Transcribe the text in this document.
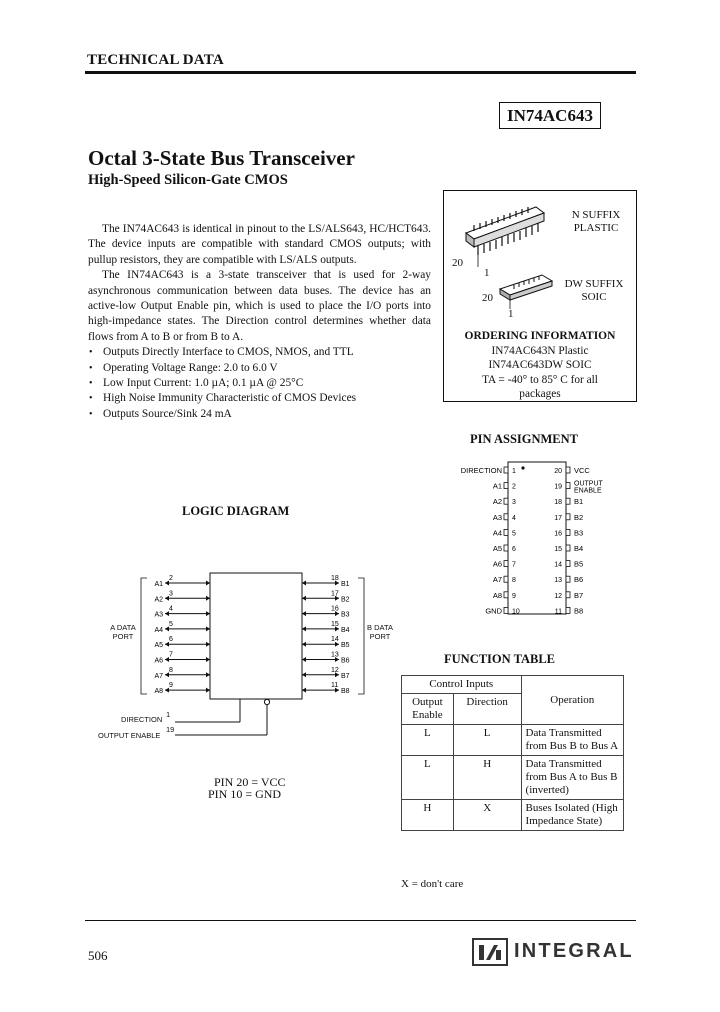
TECHNICAL DATA
IN74AC643
Octal 3-State Bus Transceiver
High-Speed Silicon-Gate CMOS

The IN74AC643 is identical in pinout to the LS/ALS643, HC/HCT643. The device inputs are compatible with standard CMOS outputs; with pullup resistors, they are compatible with LS/ALS outputs.

The IN74AC643 is a 3-state transceiver that is used for 2-way asynchronous communication between data buses. The device has an active-low Output Enable pin, which is used to place the I/O ports into high-impedance states. The Direction control determines whether data flows from A to B or from B to A.

• Outputs Directly Interface to CMOS, NMOS, and TTL
• Operating Voltage Range: 2.0 to 6.0 V
• Low Input Current: 1.0 µA; 0.1 µA @ 25°C
• High Noise Immunity Characteristic of CMOS Devices
• Outputs Source/Sink 24 mA
N SUFFIX
PLASTIC
20
1
DW SUFFIX
SOIC
20
1
ORDERING INFORMATION
IN74AC643N Plastic
IN74AC643DW SOIC
TA = -40° to 85° C for all
packages
PIN ASSIGNMENT
DIRECTION 1
A1 2
A2 3
A3 4
A4 5
A5 6
A6 7
A7 8
A8 9
GND 10
20 VCC
19 OUTPUT
ENABLE
18 B1
17 B2
16 B3
15 B4
14 B5
13 B6
12 B7
11 B8
LOGIC DIAGRAM
A1
2
A2
3
A3
4
A4
5
A5
6
A6
7
A7
8
A8
9
18
B1
17
B2
16
B3
15
B4
14
B5
13
B6
12
B7
11
B8
A DATA PORT
B DATA PORT
DIRECTION
1
OUTPUT ENABLE
19
PIN 20 = VCC
PIN 10 = GND
FUNCTION TABLE
Control Inputs		Operation
Output Enable	Direction	
L	L	Data Transmitted from Bus B to Bus A
L	H	Data Transmitted from Bus A to Bus B (inverted)
H	X	Buses Isolated (High Impedance State)
X = don't care
506	INTEGRAL
